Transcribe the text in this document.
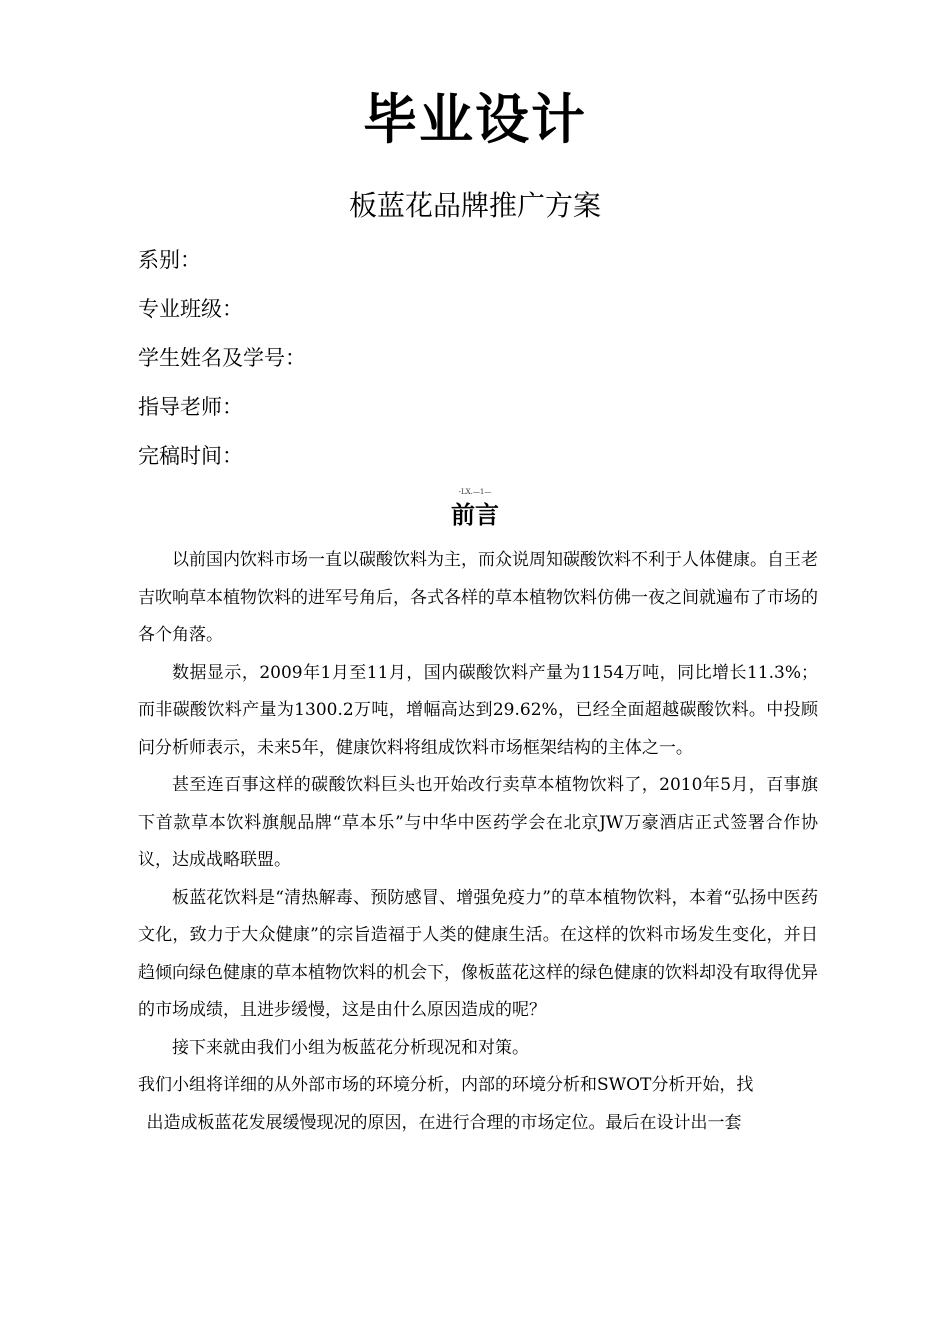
毕业设计
板蓝花品牌推广方案
系别：
专业班级：
学生姓名及学号：
指导老师：
完稿时间：
-LX.—1—
前言

以前国内饮料市场一直以碳酸饮料为主，而众说周知碳酸饮料不利于人体健康。自王老吉吹响草本植物饮料的进军号角后，各式各样的草本植物饮料仿佛一夜之间就遍布了市场的各个角落。

数据显示，2009年1月至11月，国内碳酸饮料产量为1154万吨，同比增长11.3%；而非碳酸饮料产量为1300.2万吨，增幅高达到29.62%，已经全面超越碳酸饮料。中投顾问分析师表示，未来5年，健康饮料将组成饮料市场框架结构的主体之一。

甚至连百事这样的碳酸饮料巨头也开始改行卖草本植物饮料了，2010年5月，百事旗下首款草本饮料旗舰品牌“草本乐”与中华中医药学会在北京JW万豪酒店正式签署合作协议，达成战略联盟。

板蓝花饮料是“清热解毒、预防感冒、增强免疫力”的草本植物饮料，本着“弘扬中医药文化，致力于大众健康”的宗旨造福于人类的健康生活。在这样的饮料市场发生变化，并日趋倾向绿色健康的草本植物饮料的机会下，像板蓝花这样的绿色健康的饮料却没有取得优异的市场成绩，且进步缓慢，这是由什么原因造成的呢？

接下来就由我们小组为板蓝花分析现况和对策。

我们小组将详细的从外部市场的环境分析，内部的环境分析和SWOT分析开始，找

出造成板蓝花发展缓慢现况的原因，在进行合理的市场定位。最后在设计出一套
